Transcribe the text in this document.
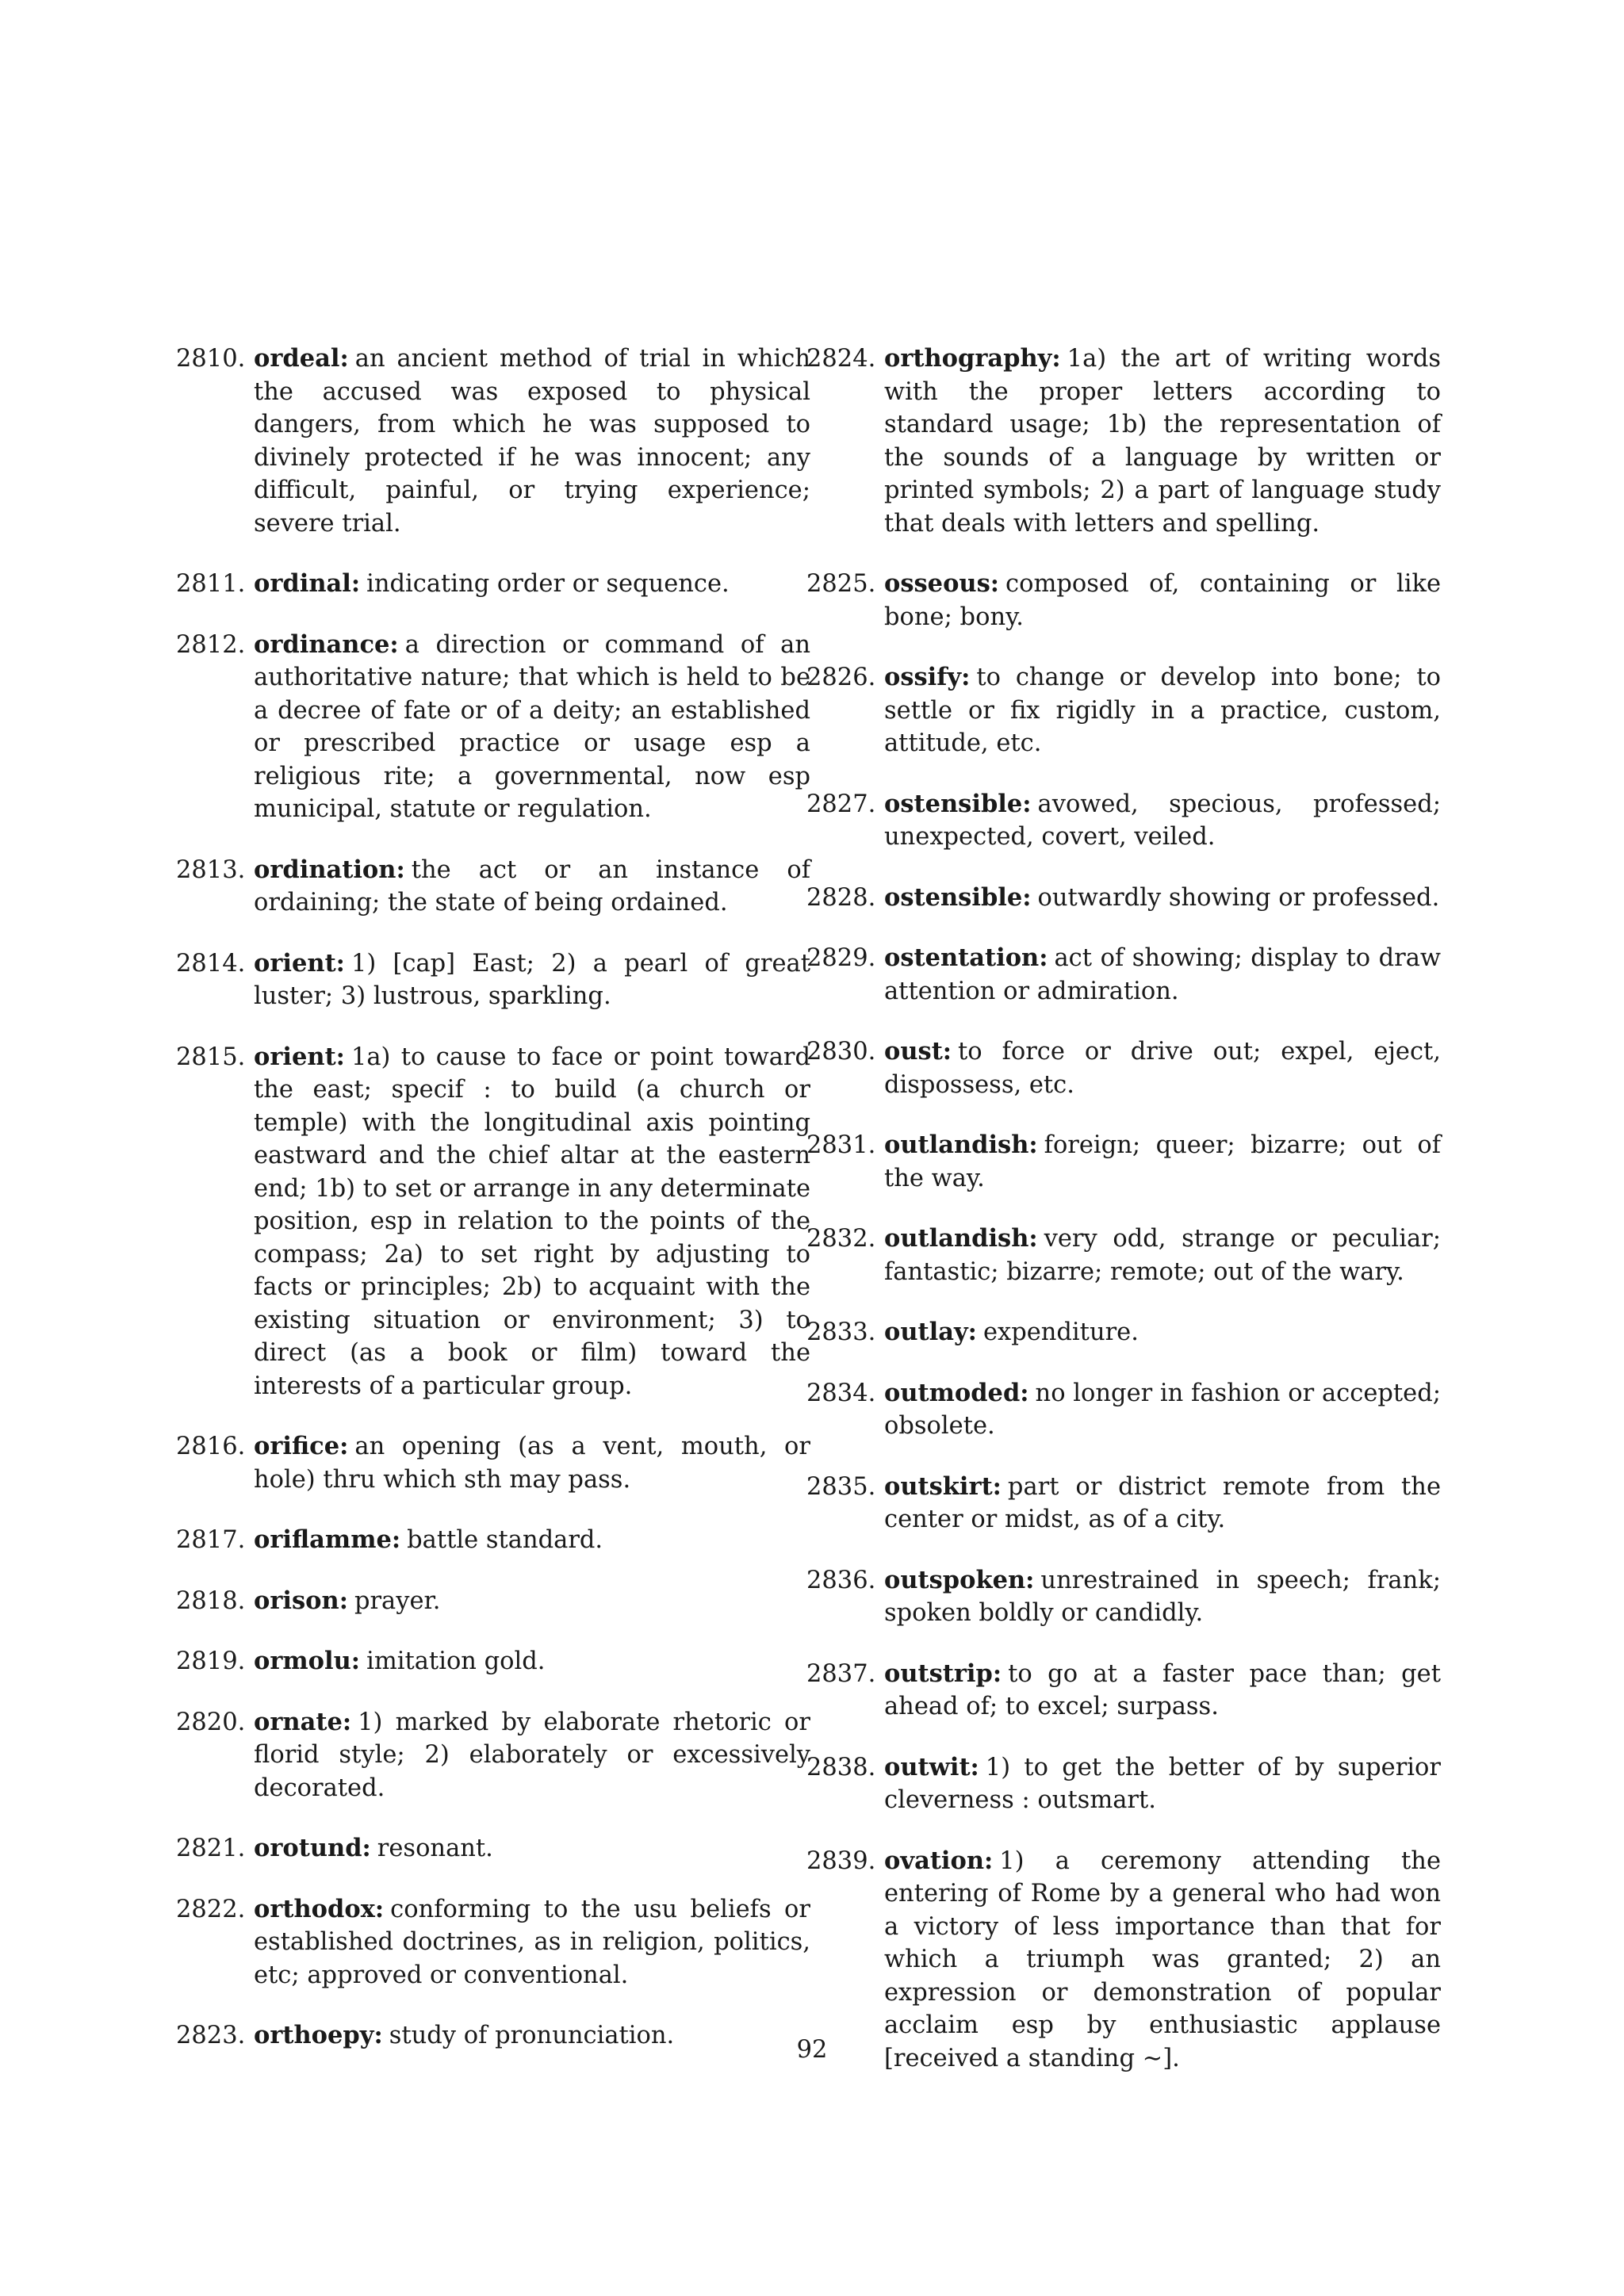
2810. ordeal: an ancient method of trial in which the accused was exposed to physical dangers, from which he was supposed to divinely protected if he was innocent; any difficult, painful, or trying experience; severe trial.
2811. ordinal: indicating order or sequence.
2812. ordinance: a direction or command of an authoritative nature; that which is held to be a decree of fate or of a deity; an established or prescribed practice or usage esp a religious rite; a governmental, now esp municipal, statute or regulation.
2813. ordination: the act or an instance of ordaining; the state of being ordained.
2814. orient: 1) [cap] East; 2) a pearl of great luster; 3) lustrous, sparkling.
2815. orient: 1a) to cause to face or point toward the east; specif : to build (a church or temple) with the longitudinal axis pointing eastward and the chief altar at the eastern end; 1b) to set or arrange in any determinate position, esp in relation to the points of the compass; 2a) to set right by adjusting to facts or principles; 2b) to acquaint with the existing situation or environment; 3) to direct (as a book or film) toward the interests of a particular group.
2816. orifice: an opening (as a vent, mouth, or hole) thru which sth may pass.
2817. oriflamme: battle standard.
2818. orison: prayer.
2819. ormolu: imitation gold.
2820. ornate: 1) marked by elaborate rhetoric or florid style; 2) elaborately or excessively decorated.
2821. orotund: resonant.
2822. orthodox: conforming to the usu beliefs or established doctrines, as in religion, politics, etc; approved or conventional.
2823. orthoepy: study of pronunciation.
2824. orthography: 1a) the art of writing words with the proper letters according to standard usage; 1b) the representation of the sounds of a language by written or printed symbols; 2) a part of language study that deals with letters and spelling.
2825. osseous: composed of, containing or like bone; bony.
2826. ossify: to change or develop into bone; to settle or fix rigidly in a practice, custom, attitude, etc.
2827. ostensible: avowed, specious, professed; unexpected, covert, veiled.
2828. ostensible: outwardly showing or professed.
2829. ostentation: act of showing; display to draw attention or admiration.
2830. oust: to force or drive out; expel, eject, dispossess, etc.
2831. outlandish: foreign; queer; bizarre; out of the way.
2832. outlandish: very odd, strange or peculiar; fantastic; bizarre; remote; out of the wary.
2833. outlay: expenditure.
2834. outmoded: no longer in fashion or accepted; obsolete.
2835. outskirt: part or district remote from the center or midst, as of a city.
2836. outspoken: unrestrained in speech; frank; spoken boldly or candidly.
2837. outstrip: to go at a faster pace than; get ahead of; to excel; surpass.
2838. outwit: 1) to get the better of by superior cleverness : outsmart.
2839. ovation: 1) a ceremony attending the entering of Rome by a general who had won a victory of less importance than that for which a triumph was granted; 2) an expression or demonstration of popular acclaim esp by enthusiastic applause [received a standing ∼].
92
